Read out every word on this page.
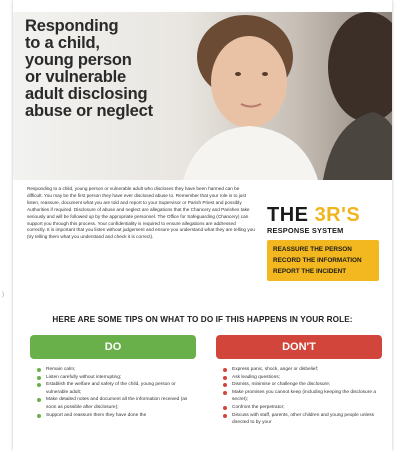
)
Responding
to a child,
young person
or vulnerable
adult disclosing
abuse or neglect

Responding to a child, young person or vulnerable adult who discloses they have been harmed can be difficult. You may be the first person they have ever disclosed abuse to. Remember that your role is to just listen, reassure, document what you are told and report to your Supervisor or Parish Priest and possibly Authorities if required. Disclosure of abuse and neglect are allegations that the Chancery and Parishes take seriously and will be followed up by the appropriate personnel. The Office for Safeguarding (Chancery) can support you through this process. Your confidentiality is required to ensure allegations are addressed correctly. It is important that you listen without judgement and ensure you understand what they are telling you (try telling them what you understand and check it is correct).

THE 3R'S
RESPONSE SYSTEM
REASSURE THE PERSON
RECORD THE INFORMATION
REPORT THE INCIDENT
HERE ARE SOME TIPS ON WHAT TO DO IF THIS HAPPENS IN YOUR ROLE:
DO	DON'T
Remain calm;
Listen carefully without interrupting;
Establish the welfare and safety of the child, young person or vulnerable adult;
Make detailed notes and document all the information received (as soon as possible after disclosure);
Support and reassure them they have done the
Express panic, shock, anger or disbelief;
Ask leading questions;
Dismiss, minimise or challenge the disclosure;
Make promises you cannot keep (including keeping the disclosure a secret);
Confront the perpetrator;
Discuss with staff, parents, other children and young people unless directed to by your
